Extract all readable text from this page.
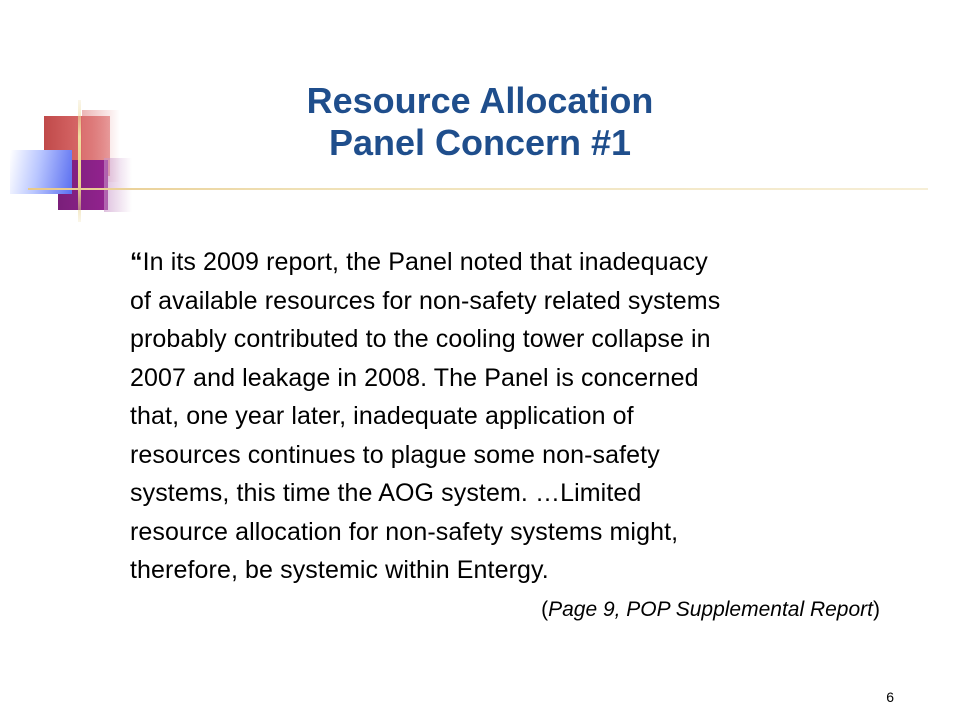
Resource Allocation
Panel Concern #1
“In its 2009 report, the Panel noted that inadequacy
of available resources for non-safety related systems
probably contributed to the cooling tower collapse in
2007 and leakage in 2008. The Panel is concerned
that, one year later, inadequate application of
resources continues to plague some non-safety
systems, this time the AOG system. …Limited
resource allocation for non-safety systems might,
therefore, be systemic within Entergy.
(Page 9, POP Supplemental Report)
6
